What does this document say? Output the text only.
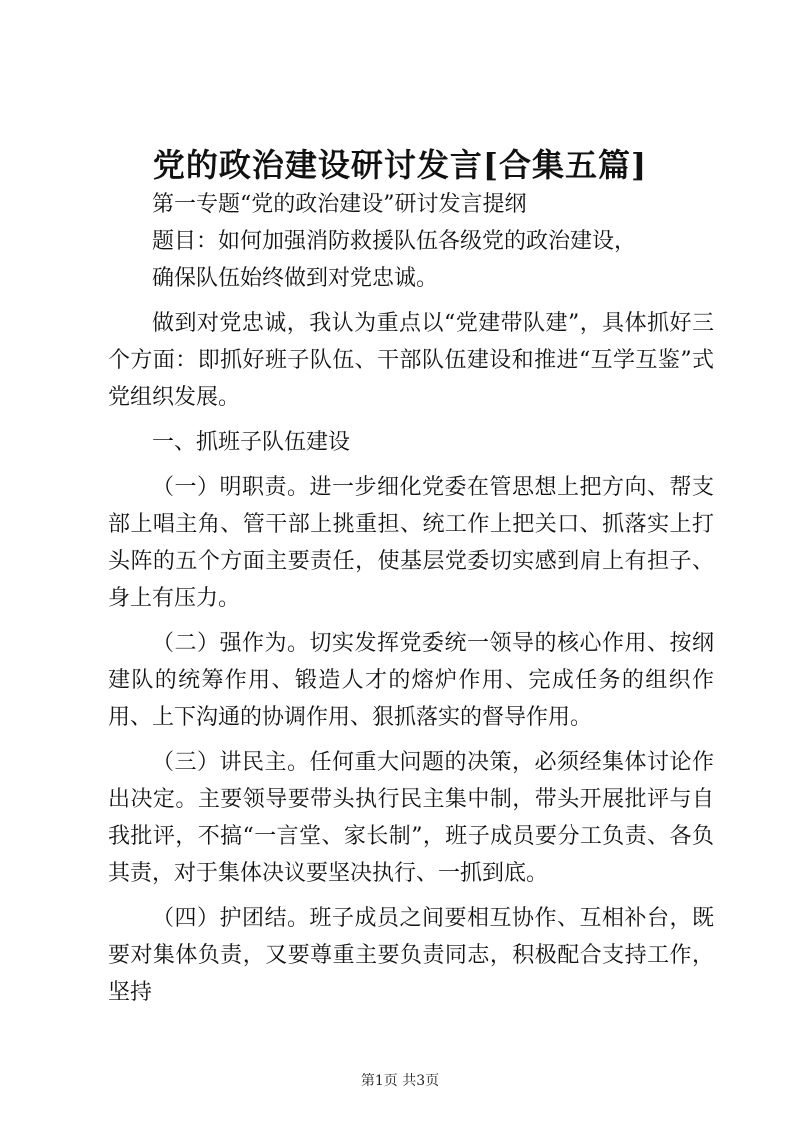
党的政治建设研讨发言[合集五篇]

第一专题“党的政治建设”研讨发言提纲

题目：如何加强消防救援队伍各级党的政治建设，

确保队伍始终做到对党忠诚。

做到对党忠诚，我认为重点以“党建带队建”，具体抓好三个方面：即抓好班子队伍、干部队伍建设和推进“互学互鉴”式党组织发展。

一、抓班子队伍建设

（一）明职责。进一步细化党委在管思想上把方向、帮支部上唱主角、管干部上挑重担、统工作上把关口、抓落实上打头阵的五个方面主要责任，使基层党委切实感到肩上有担子、身上有压力。

（二）强作为。切实发挥党委统一领导的核心作用、按纲建队的统筹作用、锻造人才的熔炉作用、完成任务的组织作用、上下沟通的协调作用、狠抓落实的督导作用。

（三）讲民主。任何重大问题的决策，必须经集体讨论作出决定。主要领导要带头执行民主集中制，带头开展批评与自我批评，不搞“一言堂、家长制”，班子成员要分工负责、各负其责，对于集体决议要坚决执行、一抓到底。

（四）护团结。班子成员之间要相互协作、互相补台，既要对集体负责，又要尊重主要负责同志，积极配合支持工作，坚持

第1页 共3页
